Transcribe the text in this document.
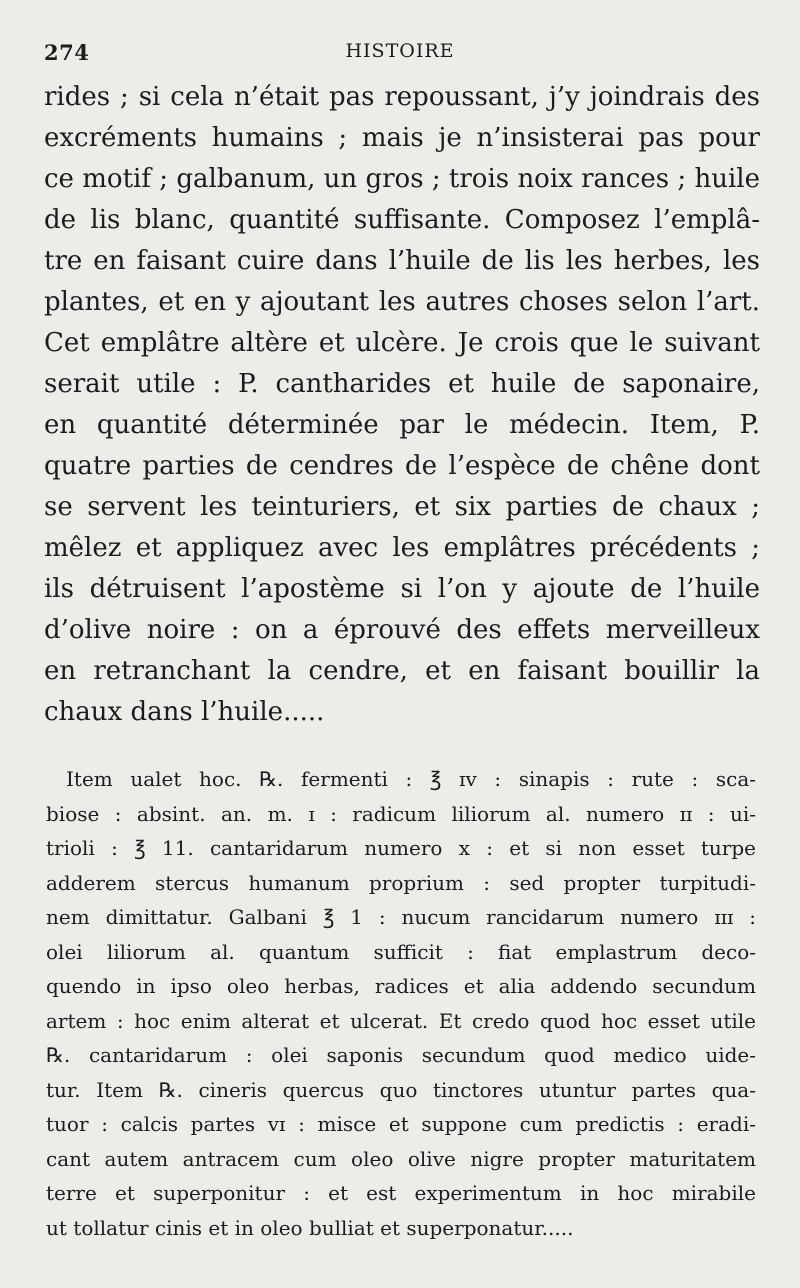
274	HISTOIRE
rides ; si cela n’était pas repoussant, j’y joindrais des
excréments humains ; mais je n’insisterai pas pour
ce motif ; galbanum, un gros ; trois noix rances ; huile
de lis blanc, quantité suffisante. Composez l’emplâ-
tre en faisant cuire dans l’huile de lis les herbes, les
plantes, et en y ajoutant les autres choses selon l’art.
Cet emplâtre altère et ulcère. Je crois que le suivant
serait utile : P. cantharides et huile de saponaire,
en quantité déterminée par le médecin. Item, P.
quatre parties de cendres de l’espèce de chêne dont
se servent les teinturiers, et six parties de chaux ;
mêlez et appliquez avec les emplâtres précédents ;
ils détruisent l’apostème si l’on y ajoute de l’huile
d’olive noire : on a éprouvé des effets merveilleux
en retranchant la cendre, et en faisant bouillir la
chaux dans l’huile.....
Item ualet hoc. ℞. fermenti : ℥ ɪᴠ : sinapis : rute : sca-
biose : absint. an. m. ɪ : radicum liliorum al. numero ɪɪ : ui-
trioli : ℥ 11. cantaridarum numero x : et si non esset turpe
adderem stercus humanum proprium : sed propter turpitudi-
nem dimittatur. Galbani ℥ 1 : nucum rancidarum numero ɪɪɪ :
olei liliorum al. quantum sufficit : fiat emplastrum deco-
quendo in ipso oleo herbas, radices et alia addendo secundum
artem : hoc enim alterat et ulcerat. Et credo quod hoc esset utile
℞. cantaridarum : olei saponis secundum quod medico uide-
tur. Item ℞. cineris quercus quo tinctores utuntur partes qua-
tuor : calcis partes ᴠɪ : misce et suppone cum predictis : eradi-
cant autem antracem cum oleo olive nigre propter maturitatem
terre et superponitur : et est experimentum in hoc mirabile
ut tollatur cinis et in oleo bulliat et superponatur.....
